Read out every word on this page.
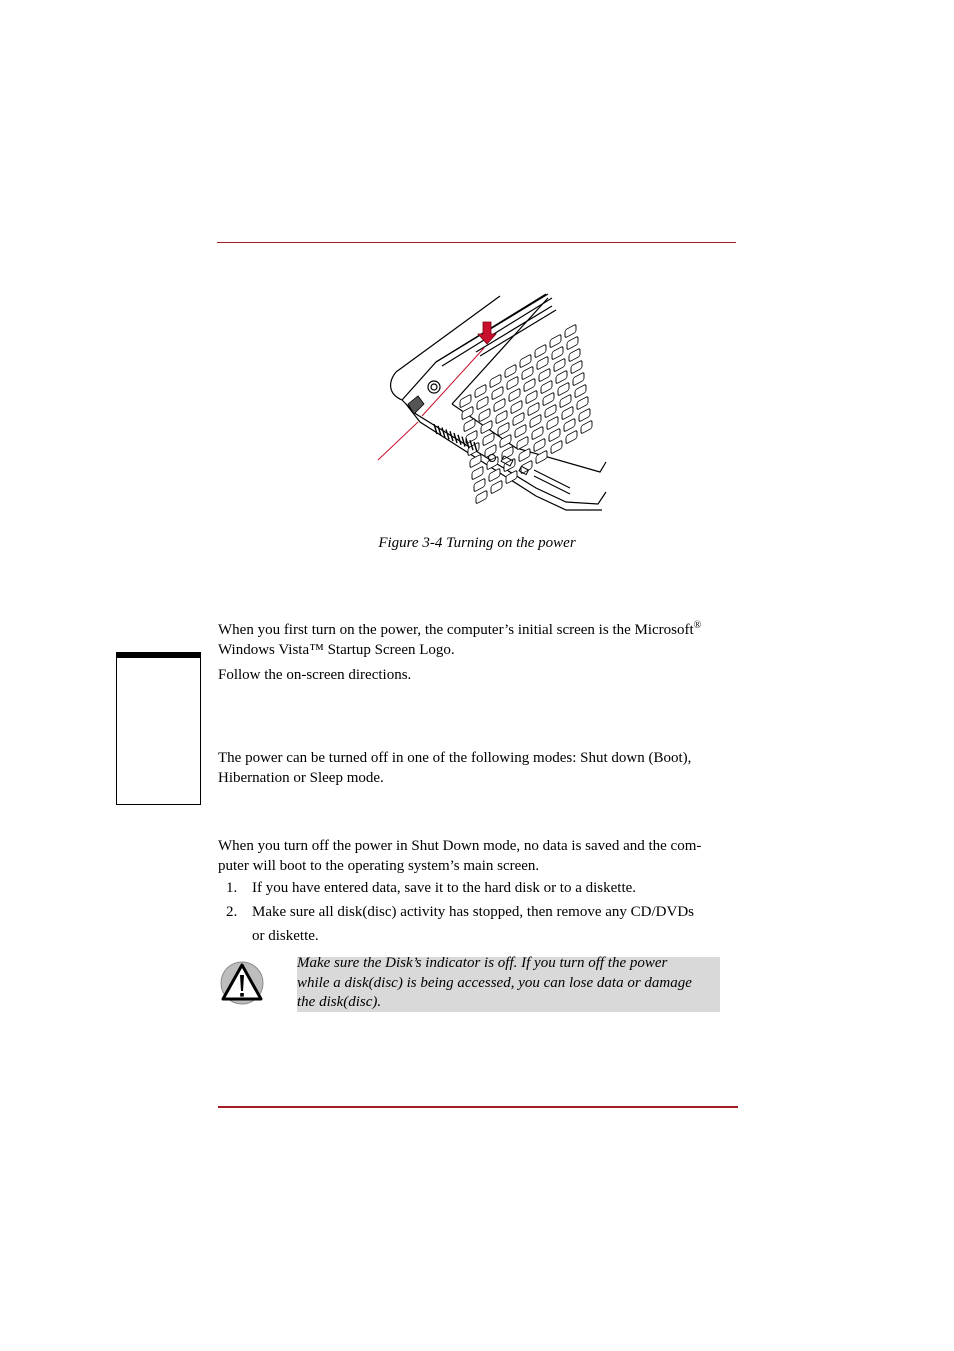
Figure 3-4 Turning on the power
When you first turn on the power, the computer’s initial screen is the Microsoft®
Windows Vista™ Startup Screen Logo.
Follow the on-screen directions.
The power can be turned off in one of the following modes: Shut down (Boot),
Hibernation or Sleep mode.
When you turn off the power in Shut Down mode, no data is saved and the com-
puter will boot to the operating system’s main screen.
1. If you have entered data, save it to the hard disk or to a diskette.
2. Make sure all disk(disc) activity has stopped, then remove any CD/DVDs
or diskette.
Make sure the Disk’s indicator is off. If you turn off the power
while a disk(disc) is being accessed, you can lose data or damage
the disk(disc).
